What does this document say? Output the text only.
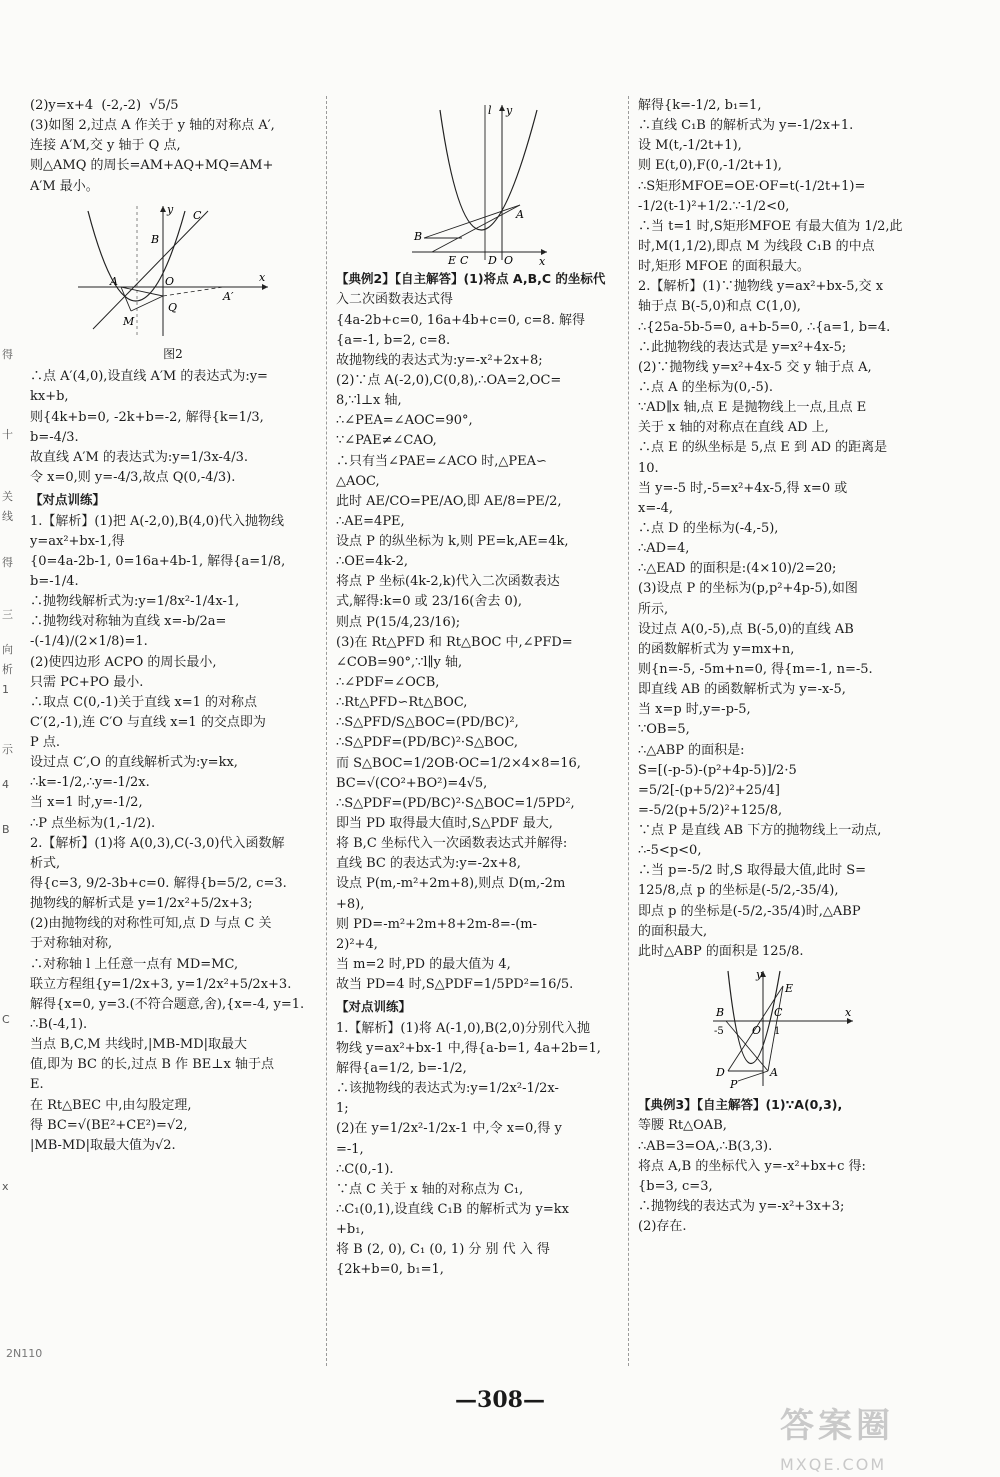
得
十
关
线
得
三
向
析
1
示
4
B
C
x

(2)y=x+4  (-2,-2)  √5/5

(3)如图 2,过点 A 作关于 y 轴的对称点 A′,

连接 A′M,交 y 轴于 Q 点,

则△AMQ 的周长=AM+AQ+MQ=AM+

A′M 最小。

y
x
C
B
A	O
A′
M
Q

图2

∴点 A′(4,0),设直线 A′M 的表达式为:y=

kx+b,

则{4k+b=0, -2k+b=-2, 解得{k=1/3, b=-4/3.

故直线 A′M 的表达式为:y=1/3x-4/3.

令 x=0,则 y=-4/3,故点 Q(0,-4/3).

【对点训练】

1.【解析】(1)把 A(-2,0),B(4,0)代入抛物线

y=ax²+bx-1,得

{0=4a-2b-1, 0=16a+4b-1, 解得{a=1/8, b=-1/4.

∴抛物线解析式为:y=1/8x²-1/4x-1,

∴抛物线对称轴为直线 x=-b/2a=

-(-1/4)/(2×1/8)=1.

(2)使四边形 ACPO 的周长最小,

只需 PC+PO 最小.

∴取点 C(0,-1)关于直线 x=1 的对称点

C′(2,-1),连 C′O 与直线 x=1 的交点即为

P 点.

设过点 C′,O 的直线解析式为:y=kx,

∴k=-1/2,∴y=-1/2x.

当 x=1 时,y=-1/2,

∴P 点坐标为(1,-1/2).

2.【解析】(1)将 A(0,3),C(-3,0)代入函数解

析式,

得{c=3, 9/2-3b+c=0. 解得{b=5/2, c=3.

抛物线的解析式是 y=1/2x²+5/2x+3;

(2)由抛物线的对称性可知,点 D 与点 C 关

于对称轴对称,

∴对称轴 l 上任意一点有 MD=MC,

联立方程组{y=1/2x+3, y=1/2x²+5/2x+3.

解得{x=0, y=3.(不符合题意,舍),{x=-4, y=1.

∴B(-4,1).

当点 B,C,M 共线时,|MB-MD|取最大

值,即为 BC 的长,过点 B 作 BE⊥x 轴于点

E.

在 Rt△BEC 中,由勾股定理,

得 BC=√(BE²+CE²)=√2,

|MB-MD|取最大值为√2.

l y
x
A
B
E C D O

【典例2】【自主解答】(1)将点 A,B,C 的坐标代

入二次函数表达式得

{4a-2b+c=0, 16a+4b+c=0, c=8. 解得{a=-1, b=2, c=8.

故抛物线的表达式为:y=-x²+2x+8;

(2)∵点 A(-2,0),C(0,8),∴OA=2,OC=

8,∵l⊥x 轴,

∴∠PEA=∠AOC=90°,

∵∠PAE≠∠CAO,

∴只有当∠PAE=∠ACO 时,△PEA∽

△AOC,

此时 AE/CO=PE/AO,即 AE/8=PE/2,

∴AE=4PE,

设点 P 的纵坐标为 k,则 PE=k,AE=4k,

∴OE=4k-2,

将点 P 坐标(4k-2,k)代入二次函数表达

式,解得:k=0 或 23/16(舍去 0),

则点 P(15/4,23/16);

(3)在 Rt△PFD 和 Rt△BOC 中,∠PFD=

∠COB=90°,∵l∥y 轴,

∴∠PDF=∠OCB,

∴Rt△PFD∽Rt△BOC,

∴S△PFD/S△BOC=(PD/BC)²,

∴S△PDF=(PD/BC)²·S△BOC,

而 S△BOC=1/2OB·OC=1/2×4×8=16,

BC=√(CO²+BO²)=4√5,

∴S△PDF=(PD/BC)²·S△BOC=1/5PD²,

即当 PD 取得最大值时,S△PDF 最大,

将 B,C 坐标代入一次函数表达式并解得:

直线 BC 的表达式为:y=-2x+8,

设点 P(m,-m²+2m+8),则点 D(m,-2m

+8),

则 PD=-m²+2m+8+2m-8=-(m-

2)²+4,

当 m=2 时,PD 的最大值为 4,

故当 PD=4 时,S△PDF=1/5PD²=16/5.

【对点训练】

1.【解析】(1)将 A(-1,0),B(2,0)分别代入抛

物线 y=ax²+bx-1 中,得{a-b=1, 4a+2b=1,

解得{a=1/2, b=-1/2,

∴该抛物线的表达式为:y=1/2x²-1/2x-

1;

(2)在 y=1/2x²-1/2x-1 中,令 x=0,得 y

=-1,

∴C(0,-1).

∵点 C 关于 x 轴的对称点为 C₁,

∴C₁(0,1),设直线 C₁B 的解析式为 y=kx

+b₁,

将 B (2, 0), C₁ (0, 1) 分 别 代 入 得

{2k+b=0, b₁=1,

解得{k=-1/2, b₁=1,

∴直线 C₁B 的解析式为 y=-1/2x+1.

设 M(t,-1/2t+1),

则 E(t,0),F(0,-1/2t+1),

∴S矩形MFOE=OE·OF=t(-1/2t+1)=

-1/2(t-1)²+1/2.∵-1/2<0,

∴当 t=1 时,S矩形MFOE 有最大值为 1/2,此

时,M(1,1/2),即点 M 为线段 C₁B 的中点

时,矩形 MFOE 的面积最大。

2.【解析】(1)∵抛物线 y=ax²+bx-5,交 x

轴于点 B(-5,0)和点 C(1,0),

∴{25a-5b-5=0, a+b-5=0, ∴{a=1, b=4.

∴此抛物线的表达式是 y=x²+4x-5;

(2)∵抛物线 y=x²+4x-5 交 y 轴于点 A,

∴点 A 的坐标为(0,-5).

∵AD∥x 轴,点 E 是抛物线上一点,且点 E

关于 x 轴的对称点在直线 AD 上,

∴点 E 的纵坐标是 5,点 E 到 AD 的距离是

10.

当 y=-5 时,-5=x²+4x-5,得 x=0 或

x=-4,

∴点 D 的坐标为(-4,-5),

∴AD=4,

∴△EAD 的面积是:(4×10)/2=20;

(3)设点 P 的坐标为(p,p²+4p-5),如图

所示,

设过点 A(0,-5),点 B(-5,0)的直线 AB

的函数解析式为 y=mx+n,

则{n=-5, -5m+n=0, 得{m=-1, n=-5.

即直线 AB 的函数解析式为 y=-x-5,

当 x=p 时,y=-p-5,

∵OB=5,

∴△ABP 的面积是:

S=[(-p-5)-(p²+4p-5)]/2·5

=5/2[-(p+5/2)²+25/4]

=-5/2(p+5/2)²+125/8,

∵点 P 是直线 AB 下方的抛物线上一动点,

∴-5<p<0,

∴当 p=-5/2 时,S 取得最大值,此时 S=

125/8,点 p 的坐标是(-5/2,-35/4),

即点 p 的坐标是(-5/2,-35/4)时,△ABP

的面积最大,

此时△ABP 的面积是 125/8.

y
x
E
B	C
O
-5	1
D	A
P

【典例3】【自主解答】(1)∵A(0,3),

等腰 Rt△OAB,

∴AB=3=OA,∴B(3,3).

将点 A,B 的坐标代入 y=-x²+bx+c 得:

{b=3, c=3,

∴抛物线的表达式为 y=-x²+3x+3;

(2)存在.

2N110
—308—
答案圈
MXQE.COM
